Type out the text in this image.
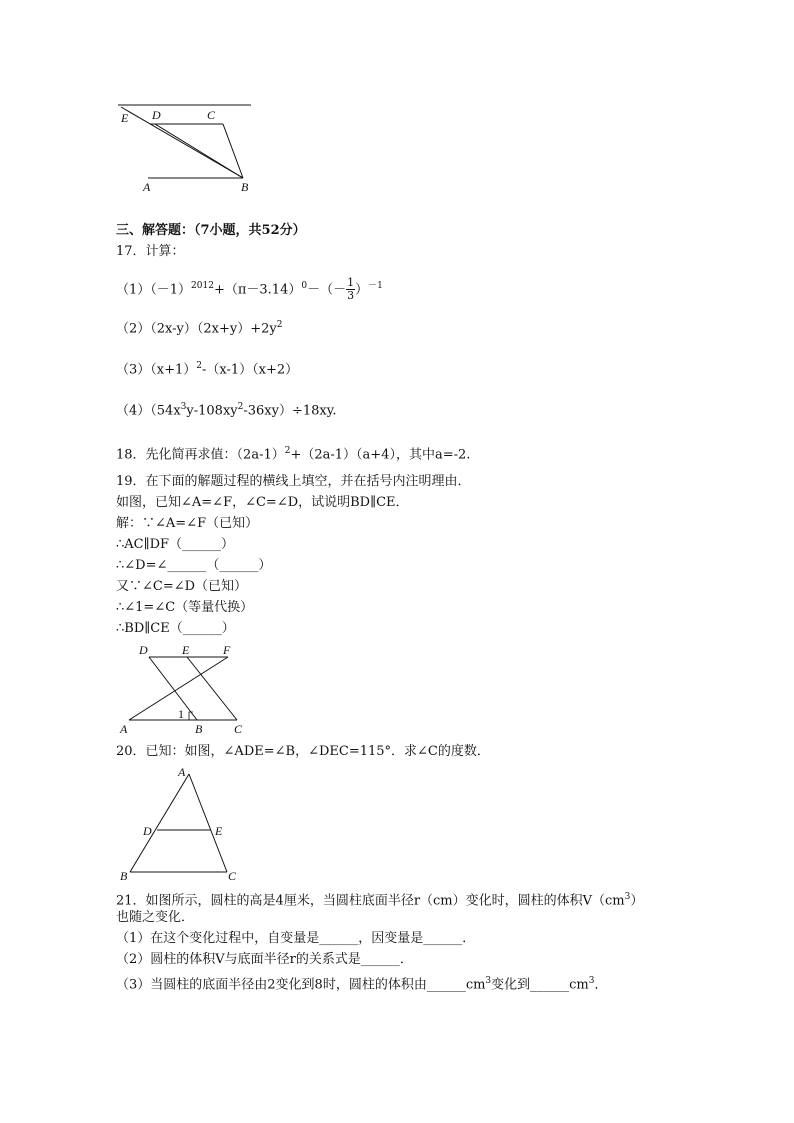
E D	C
A	B
三、解答题：（7小题，共52分）
17．计算：
$(1)(-1)^{2012}+(\pi-3.14)^0-(- \frac{1}{3} )^{-1}$
$(2)(2x-y)(2x+y)+2y^2$
$(3)(x+1)^2-(x-1)(x+2)$
$(4)(54x^3y-108xy^2-36xy)\div 18xy$.
18．先化简再求值：$(2a-1)^2+(2a-1)(a+4)$，其中a=-2.
19．在下面的解题过程的横线上填空，并在括号内注明理由．
如图，已知∠A=∠F，∠C=∠D，试说明BD∥CE．
解：∵∠A=∠F（已知）
∴AC∥DF（______）
∴∠D=∠______（______）
又∵∠C=∠D（已知）
∴∠1=∠C（等量代换）
∴BD∥CE（______）
D	E	F
A	B	C
1
20．已知：如图，∠ADE=∠B，∠DEC=115°．求∠C的度数．
A
D	E
B	C
21．如图所示，圆柱的高是4厘米，当圆柱底面半径r（cm）变化时，圆柱的体积$V(cm^3)$
也随之变化．
（1）在这个变化过程中，自变量是______，因变量是______．
（2）圆柱的体积V与底面半径r的关系式是______．
（3）当圆柱的底面半径由2变化到8时，圆柱的体积由$\_\_\_\_\_\_cm^3$变化到$\_\_\_\_\_\_cm^3$．
